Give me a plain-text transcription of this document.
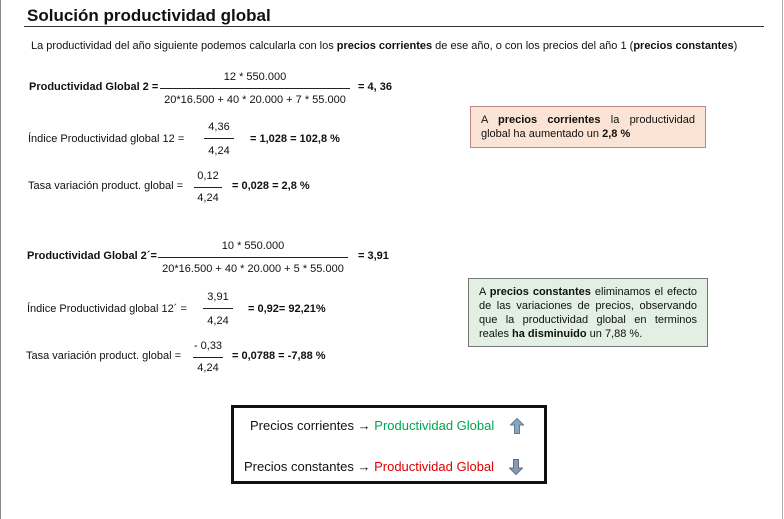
Solución productividad global
La productividad del año siguiente podemos calcularla con los precios corrientes de ese año, o con los precios del año 1 (precios constantes)
Productividad Global 2 =
12 * 550.000
20*16.500 + 40 * 20.000 + 7 * 55.000
= 4, 36
Índice Productividad global 12 =
4,36
4,24
= 1,028 = 102,8 %
Tasa variación product. global =
0,12
4,24
= 0,028 = 2,8 %
Productividad Global 2´=
10 * 550.000
20*16.500 + 40 * 20.000 + 5 * 55.000
= 3,91
Índice Productividad global 12´ =
3,91
4,24
= 0,92= 92,21%
Tasa variación product. global =
- 0,33
4,24
= 0,0788 = -7,88 %
A precios corrientes la productividad global ha aumentado un 2,8 %
A precios constantes eliminamos el efecto de las variaciones de precios, observando que la productividad global en terminos reales ha disminuido un 7,88 %.
Precios corrientes → Productividad Global
Precios constantes → Productividad Global
